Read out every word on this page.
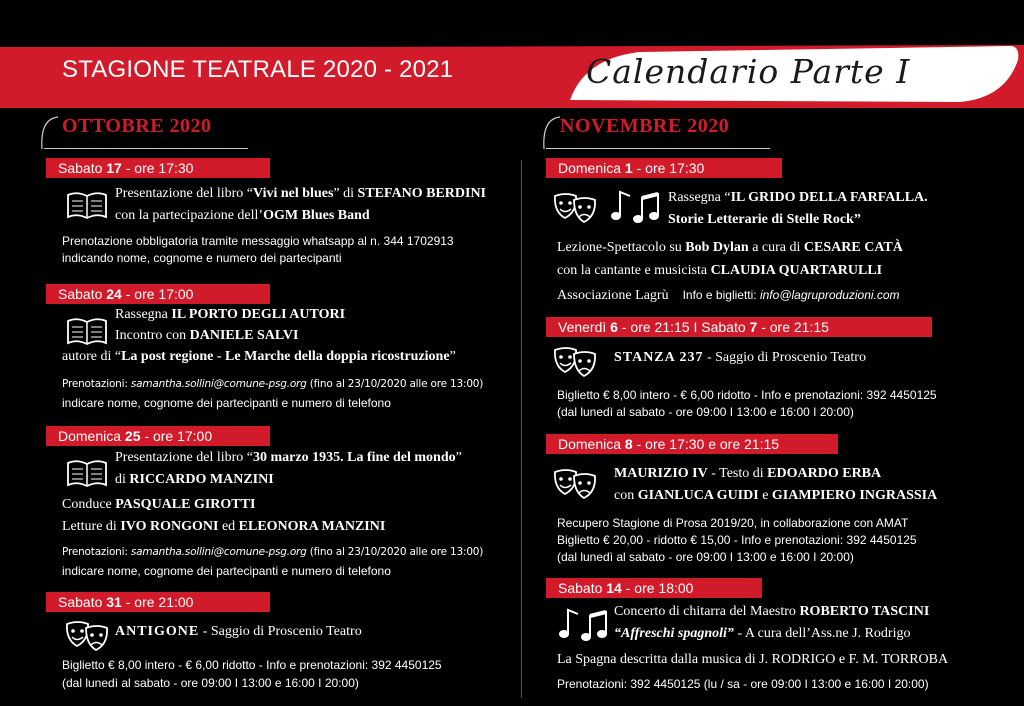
STAGIONE TEATRALE 2020 - 2021	Calendario Parte I
OTTOBRE 2020	NOVEMBRE 2020
Sabato 17 - ore 17:30
Presentazione del libro “Vivi nel blues” di STEFANO BERDINI
con la partecipazione dell’OGM Blues Band
Prenotazione obbligatoria tramite messaggio whatsapp al n. 344 1702913
indicando nome, cognome e numero dei partecipanti
Sabato 24 - ore 17:00
Rassegna IL PORTO DEGLI AUTORI
Incontro con DANIELE SALVI
autore di “La post regione - Le Marche della doppia ricostruzione”
Prenotazioni: samantha.sollini@comune-psg.org (fino al 23/10/2020 alle ore 13:00)
indicare nome, cognome dei partecipanti e numero di telefono
Domenica 25 - ore 17:00
Presentazione del libro “30 marzo 1935. La fine del mondo”
di RICCARDO MANZINI
Conduce PASQUALE GIROTTI
Letture di IVO RONGONI ed ELEONORA MANZINI
Prenotazioni: samantha.sollini@comune-psg.org (fino al 23/10/2020 alle ore 13:00)
indicare nome, cognome dei partecipanti e numero di telefono
Sabato 31 - ore 21:00
ANTIGONE - Saggio di Proscenio Teatro
Biglietto € 8,00 intero - € 6,00 ridotto - Info e prenotazioni: 392 4450125
(dal lunedì al sabato - ore 09:00 I 13:00 e 16:00 I 20:00)
Domenica 1 - ore 17:30
Rassegna “IL GRIDO DELLA FARFALLA.
Storie Letterarie di Stelle Rock”
Lezione-Spettacolo su Bob Dylan a cura di CESARE CATÀ
con la cantante e musicista CLAUDIA QUARTARULLI
Associazione Lagrù Info e biglietti: info@lagruproduzioni.com
Venerdì 6 - ore 21:15 I Sabato 7 - ore 21:15
STANZA 237 - Saggio di Proscenio Teatro
Biglietto € 8,00 intero - € 6,00 ridotto - Info e prenotazioni: 392 4450125
(dal lunedì al sabato - ore 09:00 I 13:00 e 16:00 I 20:00)
Domenica 8 - ore 17:30 e ore 21:15
MAURIZIO IV - Testo di EDOARDO ERBA
con GIANLUCA GUIDI e GIAMPIERO INGRASSIA
Recupero Stagione di Prosa 2019/20, in collaborazione con AMAT
Biglietto € 20,00 - ridotto € 15,00 - Info e prenotazioni: 392 4450125
(dal lunedì al sabato - ore 09:00 I 13:00 e 16:00 I 20:00)
Sabato 14 - ore 18:00
Concerto di chitarra del Maestro ROBERTO TASCINI
“Affreschi spagnoli” - A cura dell’Ass.ne J. Rodrigo
La Spagna descritta dalla musica di J. RODRIGO e F. M. TORROBA
Prenotazioni: 392 4450125 (lu / sa - ore 09:00 I 13:00 e 16:00 I 20:00)
